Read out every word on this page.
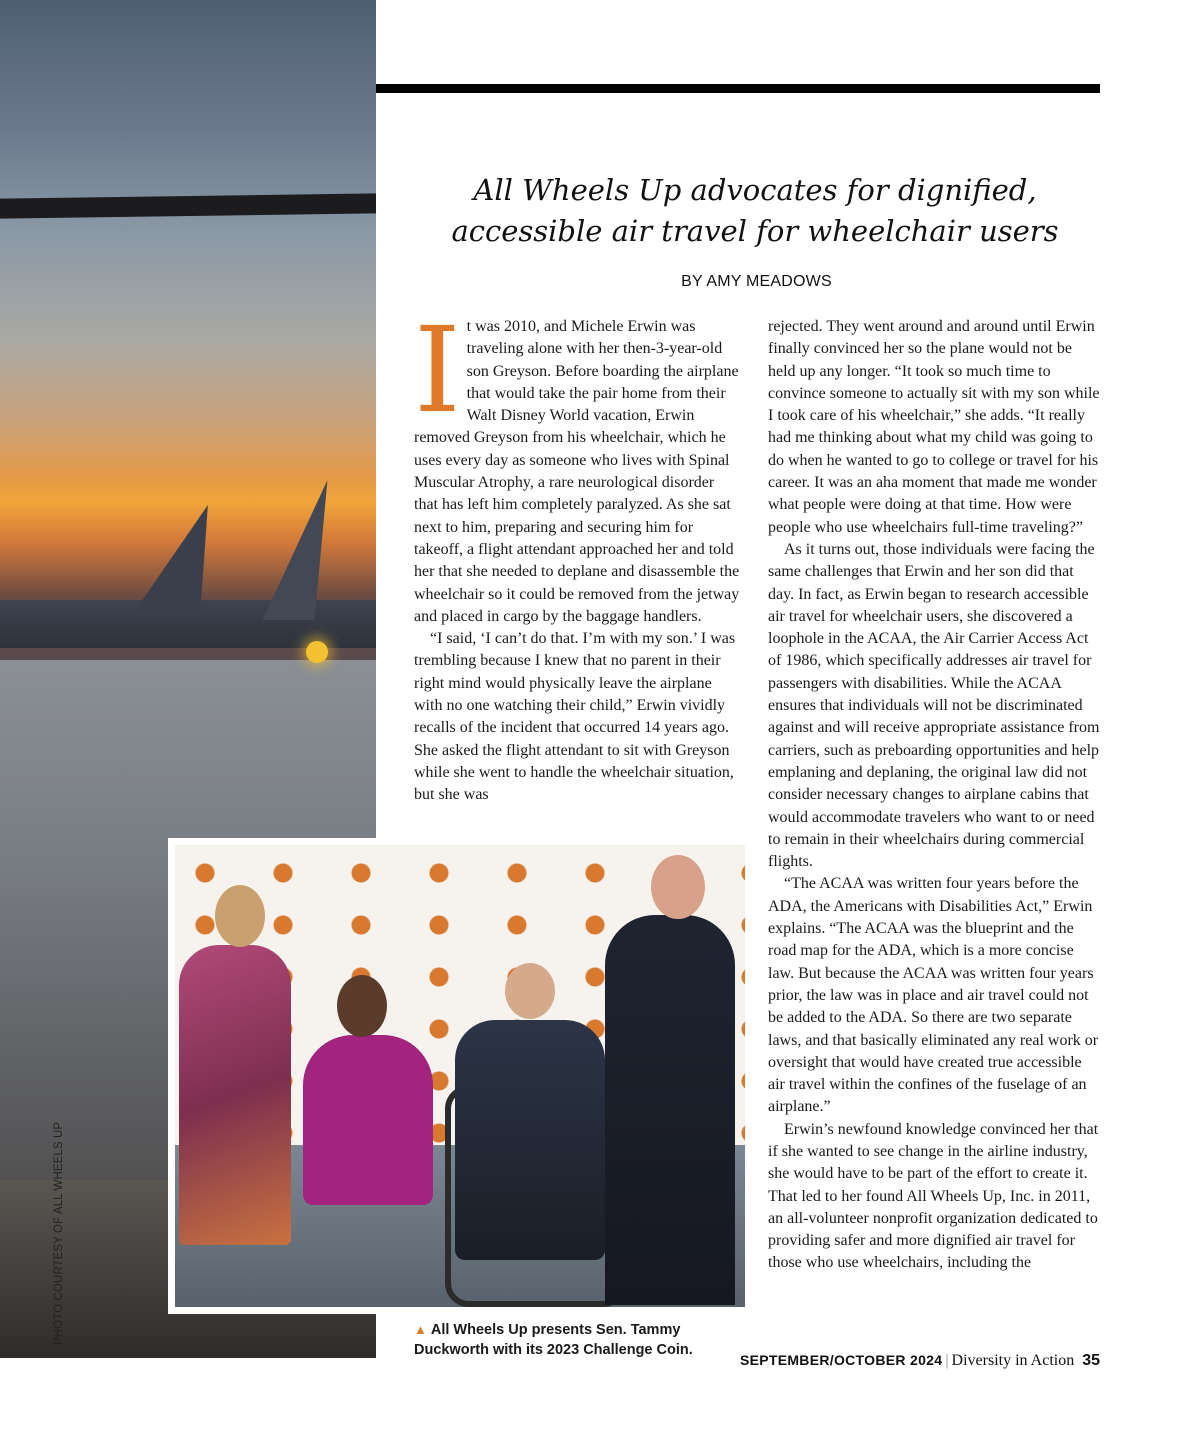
PHOTO COURTESY OF ALL WHEELS UP
All Wheels Up advocates for dignified,
accessible air travel for wheelchair users
BY AMY MEADOWS

It was 2010, and Michele Erwin was traveling alone with her then-3-year-old son Greyson. Before boarding the airplane that would take the pair home from their Walt Disney World vacation, Erwin removed Greyson from his wheelchair, which he uses every day as someone who lives with Spinal Muscular Atrophy, a rare neurological disorder that has left him completely paralyzed. As she sat next to him, preparing and securing him for takeoff, a flight attendant approached her and told her that she needed to deplane and disassemble the wheelchair so it could be removed from the jetway and placed in cargo by the baggage handlers.

“I said, ‘I can’t do that. I’m with my son.’ I was trembling because I knew that no parent in their right mind would physically leave the airplane with no one watching their child,” Erwin vividly recalls of the incident that occurred 14 years ago. She asked the flight attendant to sit with Greyson while she went to handle the wheelchair situation, but she was

rejected. They went around and around until Erwin finally convinced her so the plane would not be held up any longer. “It took so much time to convince someone to actually sit with my son while I took care of his wheelchair,” she adds. “It really had me thinking about what my child was going to do when he wanted to go to college or travel for his career. It was an aha moment that made me wonder what people were doing at that time. How were people who use wheelchairs full-time traveling?”

As it turns out, those individuals were facing the same challenges that Erwin and her son did that day. In fact, as Erwin began to research accessible air travel for wheelchair users, she discovered a loophole in the ACAA, the Air Carrier Access Act of 1986, which specifically addresses air travel for passengers with disabilities. While the ACAA ensures that individuals will not be discriminated against and will receive appropriate assistance from carriers, such as preboarding opportunities and help emplaning and deplaning, the original law did not consider necessary changes to airplane cabins that would accommodate travelers who want to or need to remain in their wheelchairs during commercial flights.

“The ACAA was written four years before the ADA, the Americans with Disabilities Act,” Erwin explains. “The ACAA was the blueprint and the road map for the ADA, which is a more concise law. But because the ACAA was written four years prior, the law was in place and air travel could not be added to the ADA. So there are two separate laws, and that basically eliminated any real work or oversight that would have created true accessible air travel within the confines of the fuselage of an airplane.”

Erwin’s newfound knowledge convinced her that if she wanted to see change in the airline industry, she would have to be part of the effort to create it. That led to her found All Wheels Up, Inc. in 2011, an all-volunteer nonprofit organization dedicated to providing safer and more dignified air travel for those who use wheelchairs, including the

▲ All Wheels Up presents Sen. Tammy Duckworth with its 2023 Challenge Coin.
SEPTEMBER/OCTOBER 2024 | Diversity in Action 35
